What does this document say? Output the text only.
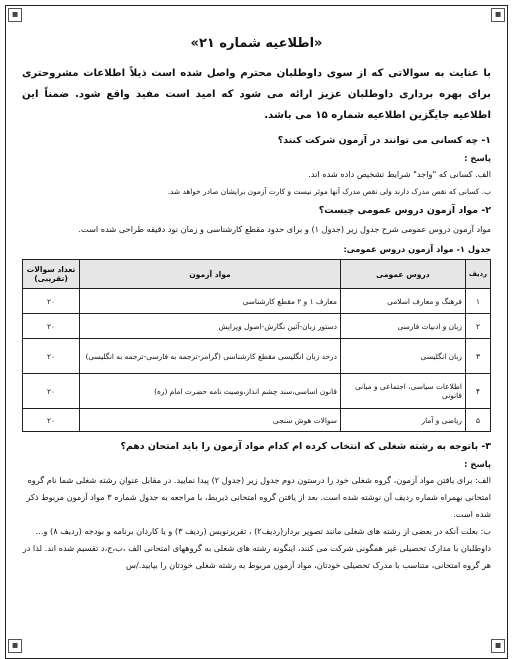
▪	▪
▪	▪
«اطلاعیه شماره ۲۱»

با عنایت به سوالاتی که از سوی داوطلبان محترم واصل شده است ذیلاً اطلاعات مشروحتری برای بهره برداری داوطلبان عزیز ارائه می شود که امید است مفید واقع شود. ضمناً این اطلاعیه جایگزین اطلاعیه شماره ۱۵ می باشد.

۱- چه کسانی می توانند در آزمون شرکت کنند؟
پاسخ :

الف. کسانی که "واجد" شرایط تشخیص داده شده اند.

ب. کسانی که نقص مدرک دارند ولی نقص مدرک آنها موثر نیست و کارت آزمون برایشان صادر خواهد شد.

۲- مواد آزمون دروس عمومی چیست؟

مواد آزمون دروس عمومی شرح جدول زیر (جدول ۱) و برای حدود مقطع کارشناسی و زمان نود دقیقه طراحی شده است.

جدول ۱- مواد آزمون دروس عمومی:
ردیف	دروس عمومی	مواد آزمون	تعداد سوالات (تقریبی)
۱	فرهنگ و معارف اسلامی	معارف ۱ و ۲ مقطع کارشناسی	۲۰
۲	زبان و ادبیات فارسی	دستور زبان-آئین نگارش-اصول ویرایش	۲۰
۳	زبان انگلیسی	درحد زبان انگلیسی مقطع کارشناسی (گرامر-ترجمه به فارسی-ترجمه به انگلیسی)	۲۰
۴	اطلاعات سیاسی، اجتماعی و مبانی قانونی	قانون اساسی،سند چشم انداز،وصیت نامه حضرت امام (ره)	۲۰
۵	ریاضی و آمار	سوالات هوش سنجی	۲۰
۳- باتوجه به رشته شغلی که انتخاب کرده ام کدام مواد آزمون را باید امتحان دهم؟
پاسخ :

الف: برای یافتن مواد آزمون، گروه شغلی خود را درستون دوم جدول زیر (جدول ۲) پیدا نمایید. در مقابل عنوان رشته شغلی شما نام گروه امتحانی بهمراه شماره ردیف آن نوشته شده است. بعد از یافتن گروه امتحانی ذیربط، با مراجعه به جدول شماره ۳ مواد آزمون مربوط ذکر شده است.

ب: بعلت آنکه در بعضی از رشته های شغلی مانند تصویر بردار(ردیف۲) ، تقریرنویس (ردیف ۳) و یا کاردان برنامه و بودجه (ردیف ۸) و... داوطلبان با مدارک تحصیلی غیر همگونی شرکت می کنند، اینگونه رشته های شغلی به گروههای امتحانی الف ،ب،ج،د تقسیم شده اند. لذا در هر گروه امتحانی، متناسب با مدرک تحصیلی خودتان، مواد آزمون مربوط به رشته شغلی خودتان را بیابید./س
